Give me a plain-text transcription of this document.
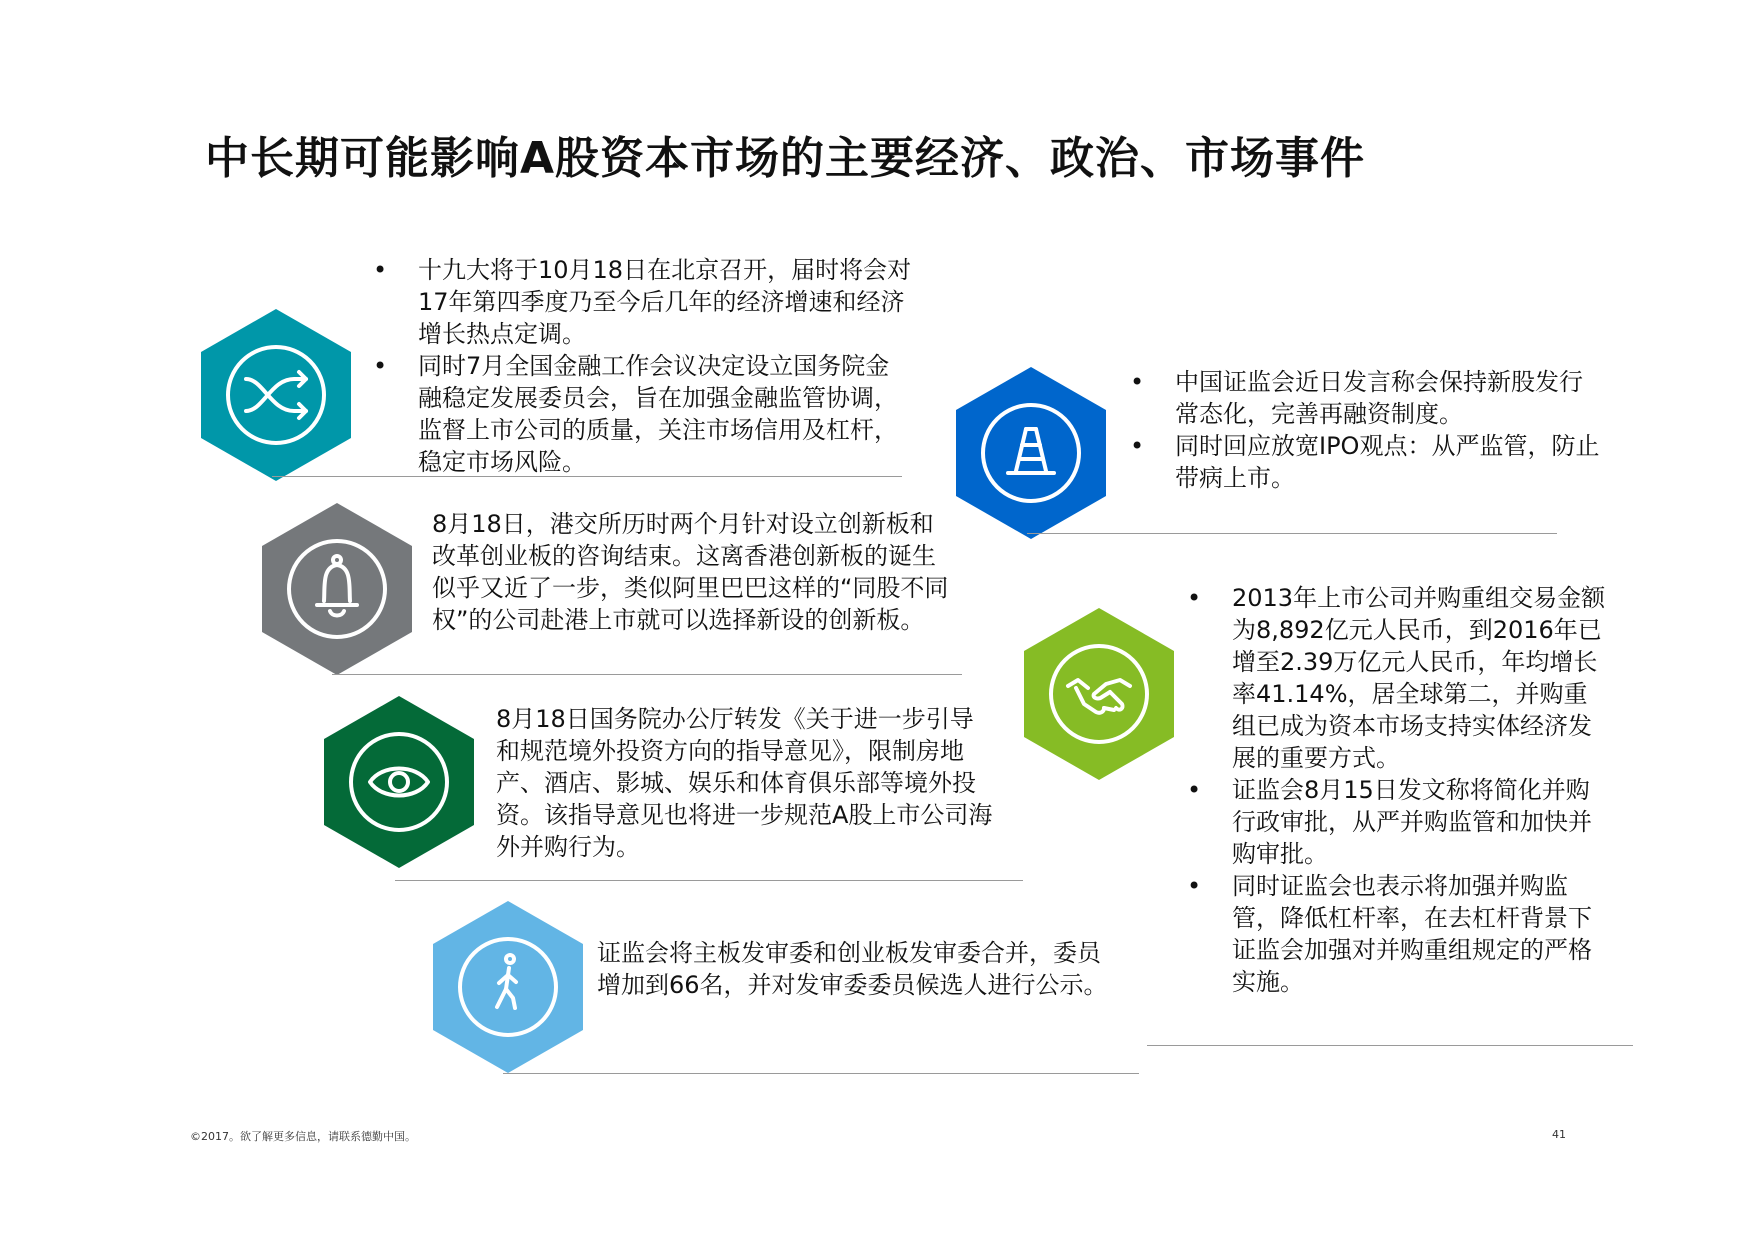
中长期可能影响A股资本市场的主要经济、政治、市场事件
• 十九大将于10月18日在北京召开，届时将会对17年第四季度乃至今后几年的经济增速和经济增长热点定调。
• 同时7月全国金融工作会议决定设立国务院金融稳定发展委员会，旨在加强金融监管协调，监督上市公司的质量，关注市场信用及杠杆，稳定市场风险。

8月18日，港交所历时两个月针对设立创新板和改革创业板的咨询结束。这离香港创新板的诞生似乎又近了一步，类似阿里巴巴这样的“同股不同权”的公司赴港上市就可以选择新设的创新板。

8月18日国务院办公厅转发《关于进一步引导和规范境外投资方向的指导意见》，限制房地产、酒店、影城、娱乐和体育俱乐部等境外投资。该指导意见也将进一步规范A股上市公司海外并购行为。

证监会将主板发审委和创业板发审委合并，委员增加到66名，并对发审委委员候选人进行公示。

• 中国证监会近日发言称会保持新股发行常态化，完善再融资制度。
• 同时回应放宽IPO观点：从严监管，防止带病上市。
• 2013年上市公司并购重组交易金额为8,892亿元人民币，到2016年已增至2.39万亿元人民币，年均增长率41.14%，居全球第二，并购重组已成为资本市场支持实体经济发展的重要方式。
• 证监会8月15日发文称将简化并购行政审批，从严并购监管和加快并购审批。
• 同时证监会也表示将加强并购监管，降低杠杆率，在去杠杆背景下证监会加强对并购重组规定的严格实施。
©2017。欲了解更多信息，请联系德勤中国。	41
